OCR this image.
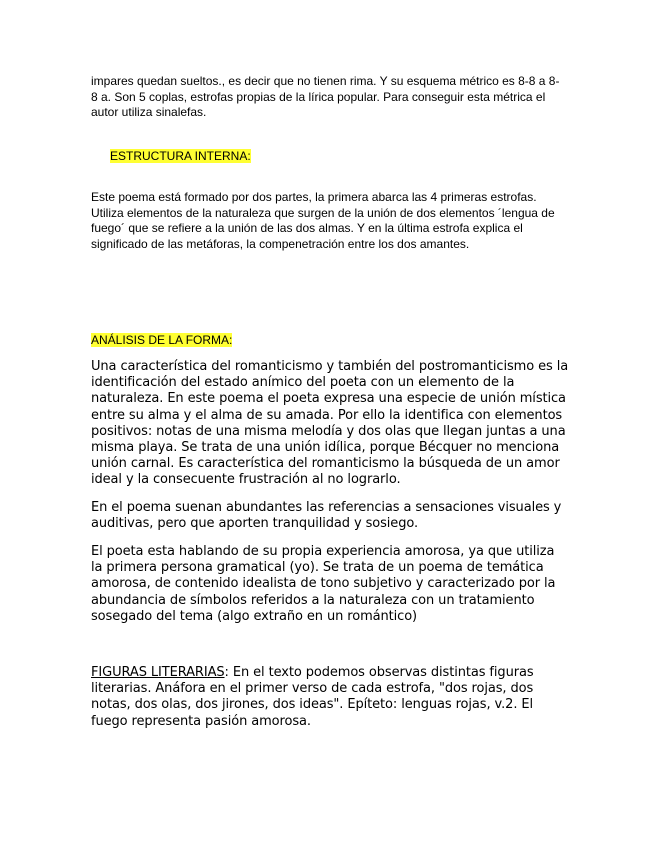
impares quedan sueltos., es decir que no tienen rima. Y su esquema métrico es 8-8 a 8- 8 a. Son 5 coplas, estrofas propias de la lírica popular. Para conseguir esta métrica el autor utiliza sinalefas.

ESTRUCTURA INTERNA:

Este poema está formado por dos partes, la primera abarca las 4 primeras estrofas. Utiliza elementos de la naturaleza que surgen de la unión de dos elementos ´lengua de fuego´ que se refiere a la unión de las dos almas. Y en la última estrofa explica el significado de las metáforas, la compenetración entre los dos amantes.

ANÁLISIS DE LA FORMA:

Una característica del romanticismo y también del postromanticismo es la identificación del estado anímico del poeta con un elemento de la naturaleza. En este poema el poeta expresa una especie de unión mística entre su alma y el alma de su amada. Por ello la identifica con elementos positivos: notas de una misma melodía y dos olas que llegan juntas a una misma playa. Se trata de una unión idílica, porque Bécquer no menciona unión carnal. Es característica del romanticismo la búsqueda de un amor ideal y la consecuente frustración al no lograrlo.

En el poema suenan abundantes las referencias a sensaciones visuales y auditivas, pero que aporten tranquilidad y sosiego.

El poeta esta hablando de su propia experiencia amorosa, ya que utiliza la primera persona gramatical (yo). Se trata de un poema de temática amorosa, de contenido idealista de tono subjetivo y caracterizado por la abundancia de símbolos referidos a la naturaleza con un tratamiento sosegado del tema (algo extraño en un romántico)

FIGURAS LITERARIAS: En el texto podemos observas distintas figuras literarias. Anáfora en el primer verso de cada estrofa, "dos rojas, dos notas, dos olas, dos jirones, dos ideas". Epíteto: lenguas rojas, v.2. El fuego representa pasión amorosa.
